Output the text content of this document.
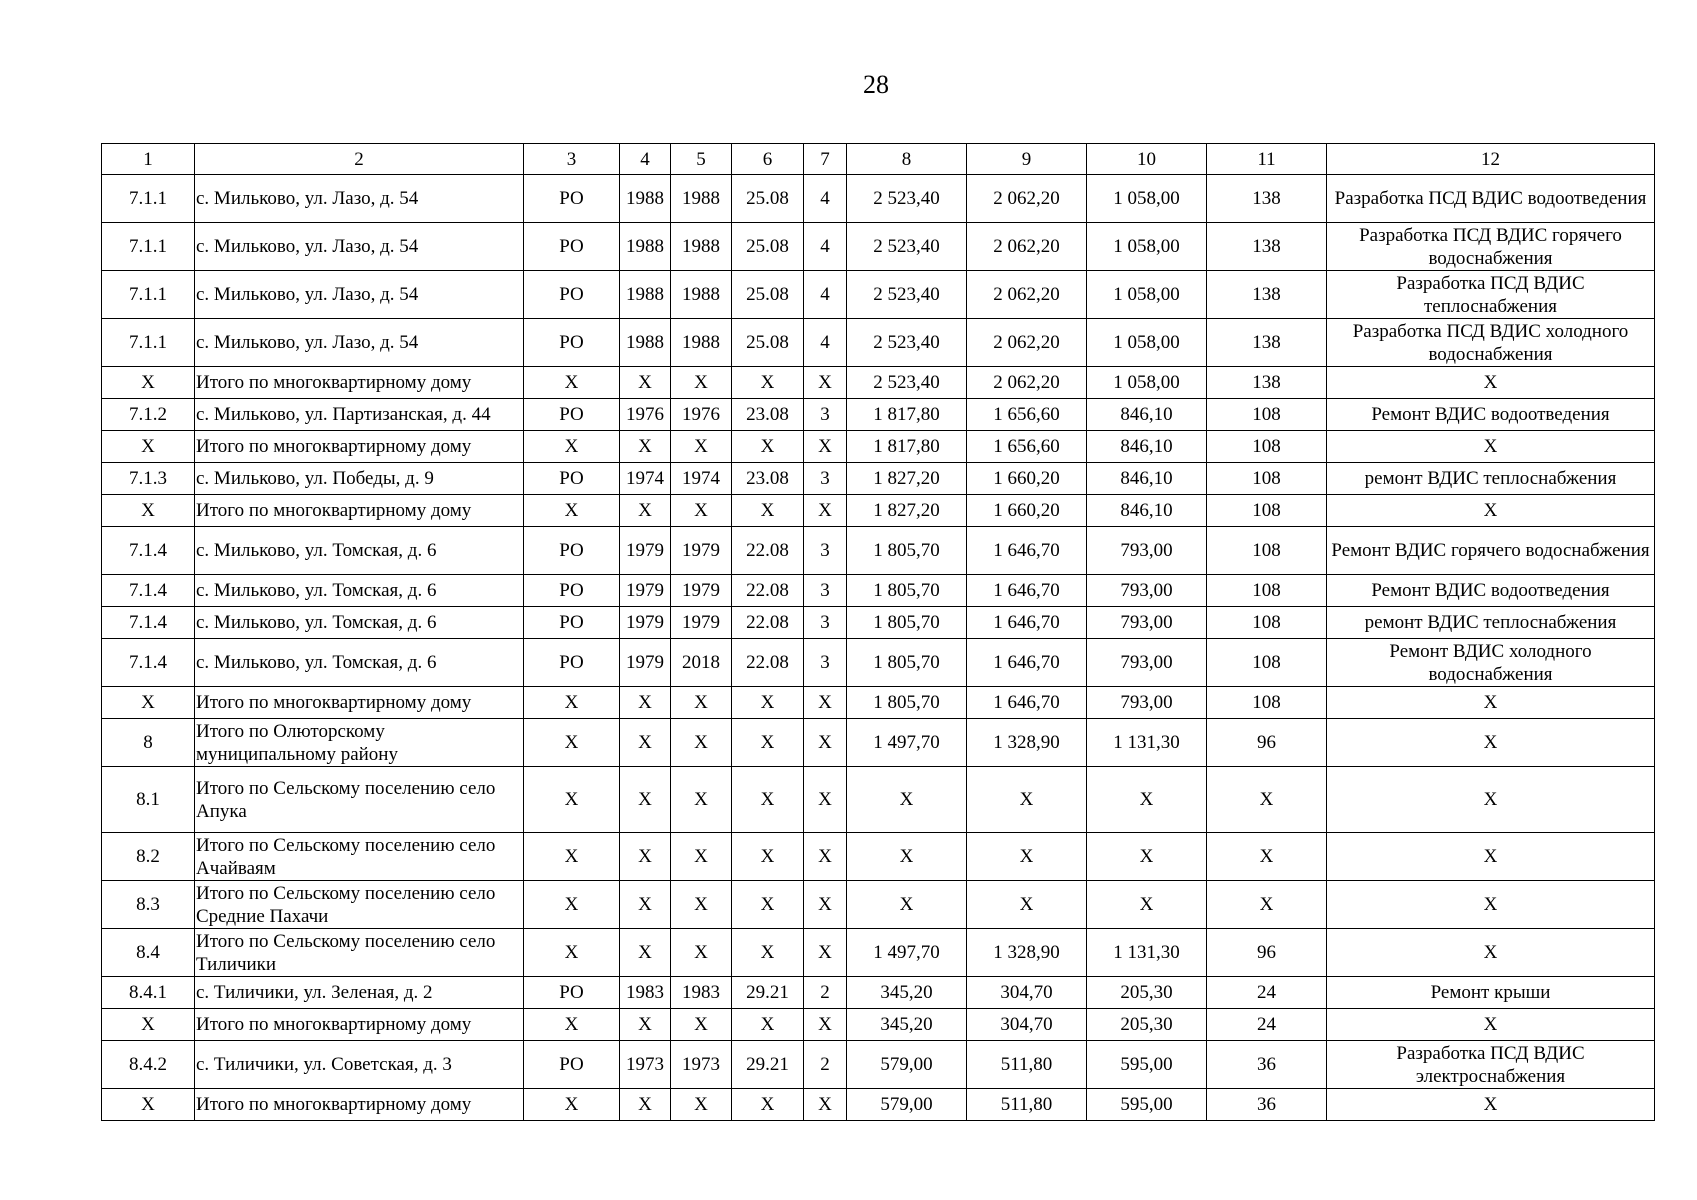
28
1	2	3	4	5	6	7	8	9	10	11	12
7.1.1	с. Мильково, ул. Лазо, д. 54	РО	1988	1988	25.08	4	2 523,40	2 062,20	1 058,00	138	Разработка ПСД ВДИС водоотведения
7.1.1	с. Мильково, ул. Лазо, д. 54	РО	1988	1988	25.08	4	2 523,40	2 062,20	1 058,00	138	Разработка ПСД ВДИС горячего водоснабжения
7.1.1	с. Мильково, ул. Лазо, д. 54	РО	1988	1988	25.08	4	2 523,40	2 062,20	1 058,00	138	Разработка ПСД ВДИС теплоснабжения
7.1.1	с. Мильково, ул. Лазо, д. 54	РО	1988	1988	25.08	4	2 523,40	2 062,20	1 058,00	138	Разработка ПСД ВДИС холодного водоснабжения
Х	Итого по многоквартирному дому	Х	Х	Х	Х	Х	2 523,40	2 062,20	1 058,00	138	Х
7.1.2	с. Мильково, ул. Партизанская, д. 44	РО	1976	1976	23.08	3	1 817,80	1 656,60	846,10	108	Ремонт ВДИС водоотведения
Х	Итого по многоквартирному дому	Х	Х	Х	Х	Х	1 817,80	1 656,60	846,10	108	Х
7.1.3	с. Мильково, ул. Победы, д. 9	РО	1974	1974	23.08	3	1 827,20	1 660,20	846,10	108	ремонт ВДИС теплоснабжения
Х	Итого по многоквартирному дому	Х	Х	Х	Х	Х	1 827,20	1 660,20	846,10	108	Х
7.1.4	с. Мильково, ул. Томская, д. 6	РО	1979	1979	22.08	3	1 805,70	1 646,70	793,00	108	Ремонт ВДИС горячего водоснабжения
7.1.4	с. Мильково, ул. Томская, д. 6	РО	1979	1979	22.08	3	1 805,70	1 646,70	793,00	108	Ремонт ВДИС водоотведения
7.1.4	с. Мильково, ул. Томская, д. 6	РО	1979	1979	22.08	3	1 805,70	1 646,70	793,00	108	ремонт ВДИС теплоснабжения
7.1.4	с. Мильково, ул. Томская, д. 6	РО	1979	2018	22.08	3	1 805,70	1 646,70	793,00	108	Ремонт ВДИС холодного водоснабжения
Х	Итого по многоквартирному дому	Х	Х	Х	Х	Х	1 805,70	1 646,70	793,00	108	Х
8	Итого по Олюторскому муниципальному району	Х	Х	Х	Х	Х	1 497,70	1 328,90	1 131,30	96	Х
8.1	Итого по Сельскому поселению село Апука	Х	Х	Х	Х	Х	Х	Х	Х	Х	Х
8.2	Итого по Сельскому поселению село Ачайваям	Х	Х	Х	Х	Х	Х	Х	Х	Х	Х
8.3	Итого по Сельскому поселению село Средние Пахачи	Х	Х	Х	Х	Х	Х	Х	Х	Х	Х
8.4	Итого по Сельскому поселению село Тиличики	Х	Х	Х	Х	Х	1 497,70	1 328,90	1 131,30	96	Х
8.4.1	с. Тиличики, ул. Зеленая, д. 2	РО	1983	1983	29.21	2	345,20	304,70	205,30	24	Ремонт крыши
Х	Итого по многоквартирному дому	Х	Х	Х	Х	Х	345,20	304,70	205,30	24	Х
8.4.2	с. Тиличики, ул. Советская, д. 3	РО	1973	1973	29.21	2	579,00	511,80	595,00	36	Разработка ПСД ВДИС электроснабжения
Х	Итого по многоквартирному дому	Х	Х	Х	Х	Х	579,00	511,80	595,00	36	Х
